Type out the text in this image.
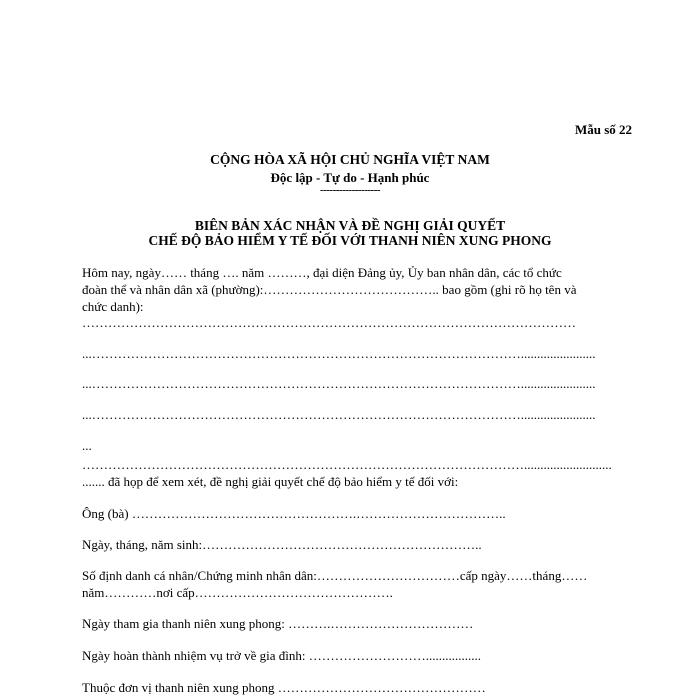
Mẫu số 22
CỘNG HÒA XÃ HỘI CHỦ NGHĨA VIỆT NAM
Độc lập - Tự do - Hạnh phúc
-------------------
BIÊN BẢN XÁC NHẬN VÀ ĐỀ NGHỊ GIẢI QUYẾT
CHẾ ĐỘ BẢO HIỂM Y TẾ ĐỐI VỚI THANH NIÊN XUNG PHONG
Hôm nay, ngày…… tháng …. năm ………, đại diện Đảng ủy, Ủy ban nhân dân, các tổ chức
đoàn thể và nhân dân xã (phường):………………………………….. bao gồm (ghi rõ họ tên và
chức danh):
……………………………………………………………………………………………………
...……………………………………………………………………………………….......................
...……………………………………………………………………………………….......................
...……………………………………………………………………………………….......................
...
…………………………………………………………………………………………...........................
....... đã họp để xem xét, đề nghị giải quyết chế độ bảo hiểm y tế đối với:
Ông (bà) …………………………………………….……………………………..
Ngày, tháng, năm sinh:………………………………………………………..
Số định danh cá nhân/Chứng minh nhân dân:……………………………cấp ngày……tháng……
năm…………nơi cấp……………………………………….
Ngày tham gia thanh niên xung phong: ……….……………………………
Ngày hoàn thành nhiệm vụ trở về gia đình: ……………………….................
Thuộc đơn vị thanh niên xung phong …………………………………………
